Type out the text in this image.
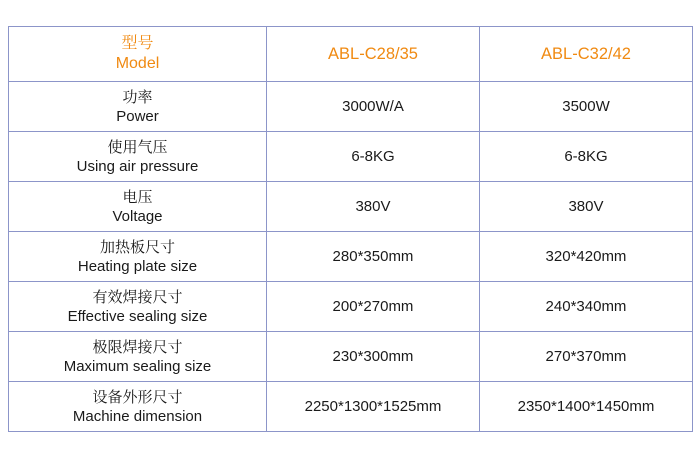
型号
Model	ABL-C28/35	ABL-C32/42

功率
Power	3000W/A	3500W

使用气压
Using air pressure	6-8KG	6-8KG

电压
Voltage	380V	380V

加热板尺寸
Heating plate size	280*350mm	320*420mm

有效焊接尺寸
Effective sealing size	200*270mm	240*340mm

极限焊接尺寸
Maximum sealing size	230*300mm	270*370mm

设备外形尺寸
Machine dimension	2250*1300*1525mm	2350*1400*1450mm
